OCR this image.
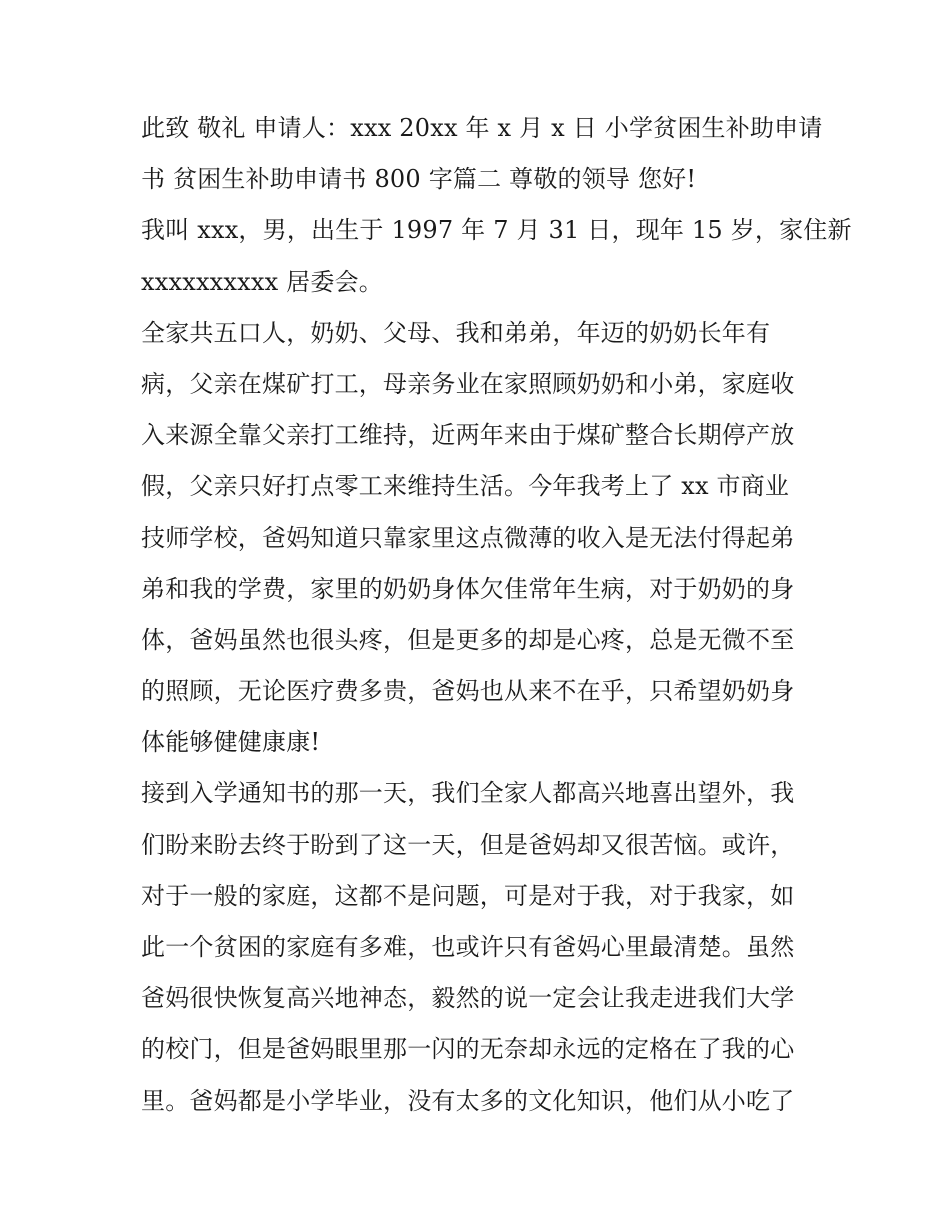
此致 敬礼 申请人：xxx 20xx 年 x 月 x 日 小学贫困生补助申请
书 贫困生补助申请书 800 字篇二 尊敬的领导 您好!
我叫 xxx，男，出生于 1997 年 7 月 31 日，现年 15 岁，家住新
xxxxxxxxxx 居委会。
全家共五口人，奶奶、父母、我和弟弟，年迈的奶奶长年有
病，父亲在煤矿打工，母亲务业在家照顾奶奶和小弟，家庭收
入来源全靠父亲打工维持，近两年来由于煤矿整合长期停产放
假，父亲只好打点零工来维持生活。今年我考上了 xx 市商业
技师学校，爸妈知道只靠家里这点微薄的收入是无法付得起弟
弟和我的学费，家里的奶奶身体欠佳常年生病，对于奶奶的身
体，爸妈虽然也很头疼，但是更多的却是心疼，总是无微不至
的照顾，无论医疗费多贵，爸妈也从来不在乎，只希望奶奶身
体能够健健康康!
接到入学通知书的那一天，我们全家人都高兴地喜出望外，我
们盼来盼去终于盼到了这一天，但是爸妈却又很苦恼。或许，
对于一般的家庭，这都不是问题，可是对于我，对于我家，如
此一个贫困的家庭有多难，也或许只有爸妈心里最清楚。虽然
爸妈很快恢复高兴地神态，毅然的说一定会让我走进我们大学
的校门，但是爸妈眼里那一闪的无奈却永远的定格在了我的心
里。爸妈都是小学毕业，没有太多的文化知识，他们从小吃了
